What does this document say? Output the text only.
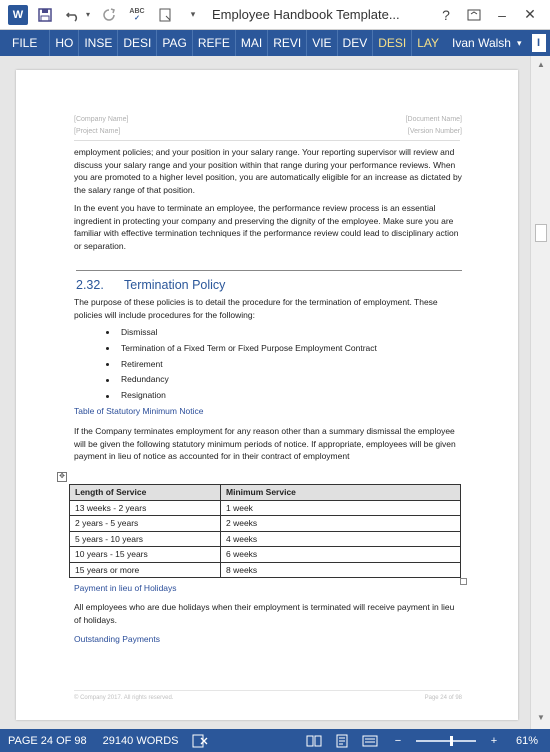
W	▾	ABC
✓	▾	Employee Handbook Template...	?	–	✕
FILE	HO INSE DESI PAG REFE MAI REVI VIE DEV DESI LAY	Ivan Walsh ▾	I
[Company Name]
[Project Name]
[Document Name]
[Version Number]
employment policies; and your position in your salary range. Your reporting supervisor will review and discuss your salary range and your position within that range during your performance reviews. When you are promoted to a higher level position, you are automatically eligible for an increase as dictated by the salary range of that position.
In the event you have to terminate an employee, the performance review process is an essential ingredient in protecting your company and preserving the dignity of the employee. Make sure you are familiar with effective termination techniques if the performance review could lead to disciplinary action or separation.
2.32.	Termination Policy
The purpose of these policies is to detail the procedure for the termination of employment. These policies will include procedures for the following:
Dismissal
Termination of a Fixed Term or Fixed Purpose Employment Contract
Retirement
Redundancy
Resignation
Table of Statutory Minimum Notice
If the Company terminates employment for any reason other than a summary dismissal the employee will be given the following statutory minimum periods of notice. If appropriate, employees will be given payment in lieu of notice as accounted for in their contract of employment
✥
Length of Service	Minimum Service
13 weeks - 2 years	1 week
2 years - 5 years	2 weeks
5 years - 10 years	4 weeks
10 years - 15 years	6 weeks
15 years or more	8 weeks
Payment in lieu of Holidays
All employees who are due holidays when their employment is terminated will receive payment in lieu of holidays.
Outstanding Payments
© Company 2017. All rights reserved.	Page 24 of 98
▲
▼
PAGE 24 OF 98	29140 WORDS	−	+	61%
